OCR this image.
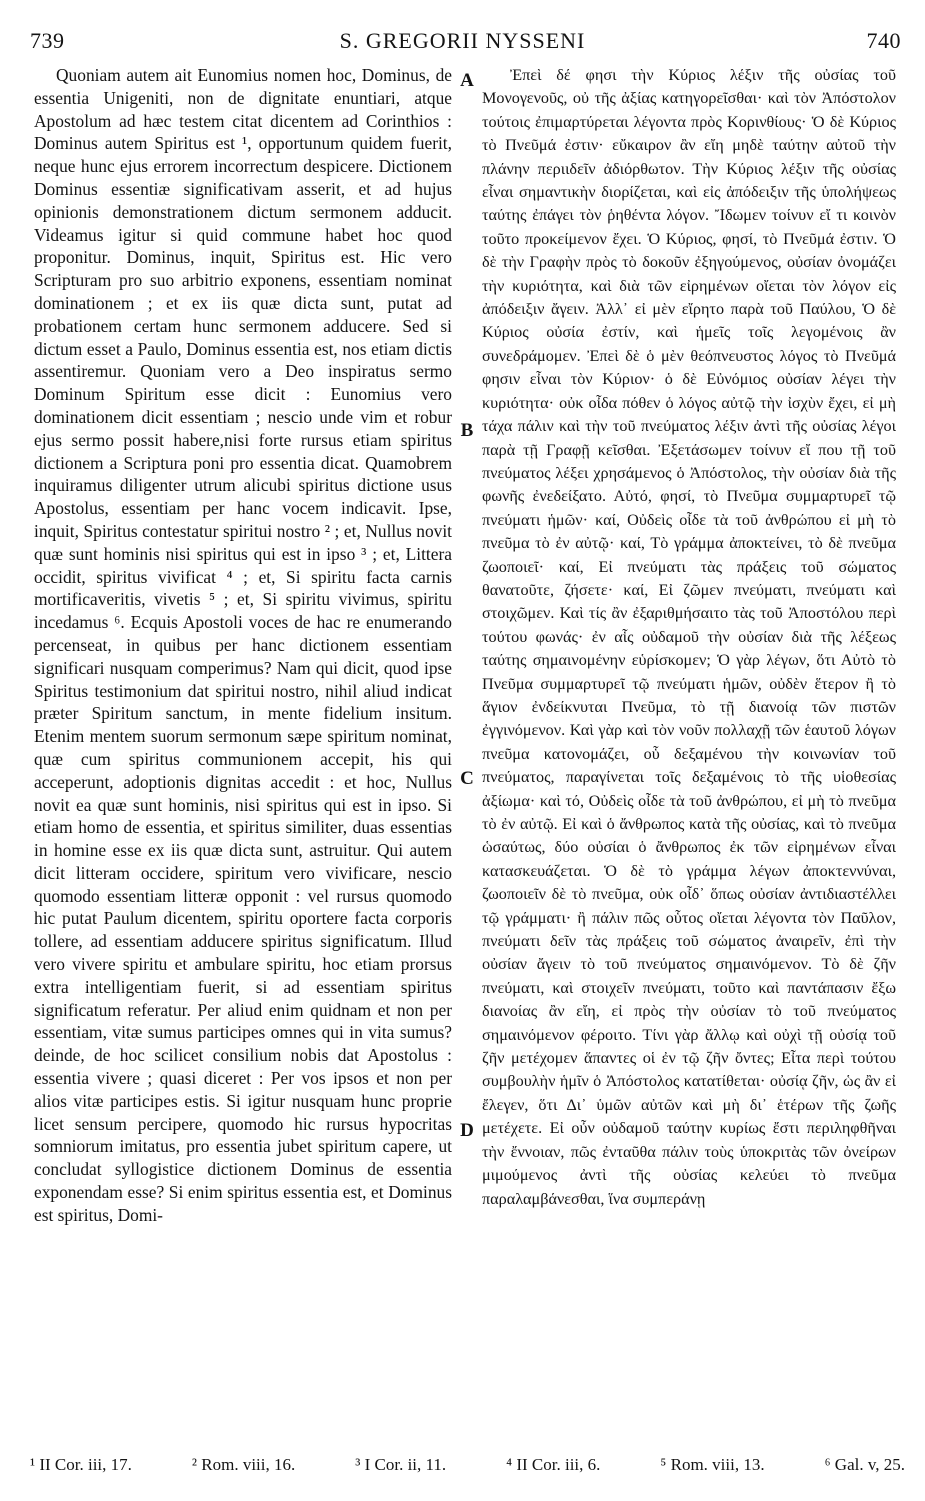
739	S. GREGORII NYSSENI	740

Quoniam autem ait Eunomius nomen hoc, Dominus, de essentia Unigeniti, non de dignitate enuntiari, atque Apostolum ad hæc testem citat dicentem ad Corinthios : Dominus autem Spiritus est ¹, opportunum quidem fuerit, neque hunc ejus errorem incorrectum despicere. Dictionem Dominus essentiæ significativam asserit, et ad hujus opinionis demonstrationem dictum sermonem adducit. Videamus igitur si quid commune habet hoc quod proponitur. Dominus, inquit, Spiritus est. Hic vero Scripturam pro suo arbitrio exponens, essentiam nominat dominationem ; et ex iis quæ dicta sunt, putat ad probationem certam hunc sermonem adducere. Sed si dictum esset a Paulo, Dominus essentia est, nos etiam dictis assentiremur. Quoniam vero a Deo inspiratus sermo Dominum Spiritum esse dicit : Eunomius vero dominationem dicit essentiam ; nescio unde vim et robur ejus sermo possit habere,nisi forte rursus etiam spiritus dictionem a Scriptura poni pro essentia dicat. Quamobrem inquiramus diligenter utrum alicubi spiritus dictione usus Apostolus, essentiam per hanc vocem indicavit. Ipse, inquit, Spiritus contestatur spiritui nostro ² ; et, Nullus novit quæ sunt hominis nisi spiritus qui est in ipso ³ ; et, Littera occidit, spiritus vivificat ⁴ ; et, Si spiritu facta carnis mortificaveritis, vivetis ⁵ ; et, Si spiritu vivimus, spiritu incedamus ⁶. Ecquis Apostoli voces de hac re enumerando percenseat, in quibus per hanc dictionem essentiam significari nusquam comperimus? Nam qui dicit, quod ipse Spiritus testimonium dat spiritui nostro, nihil aliud indicat præter Spiritum sanctum, in mente fidelium insitum. Etenim mentem suorum sermonum sæpe spiritum nominat, quæ cum spiritus communionem accepit, his qui acceperunt, adoptionis dignitas accedit : et hoc, Nullus novit ea quæ sunt hominis, nisi spiritus qui est in ipso. Si etiam homo de essentia, et spiritus similiter, duas essentias in homine esse ex iis quæ dicta sunt, astruitur. Qui autem dicit litteram occidere, spiritum vero vivificare, nescio quomodo essentiam litteræ opponit : vel rursus quomodo hic putat Paulum dicentem, spiritu oportere facta corporis tollere, ad essentiam adducere spiritus significatum. Illud vero vivere spiritu et ambulare spiritu, hoc etiam prorsus extra intelligentiam fuerit, si ad essentiam spiritus significatum referatur. Per aliud enim quidnam et non per essentiam, vitæ sumus participes omnes qui in vita sumus? deinde, de hoc scilicet consilium nobis dat Apostolus : essentia vivere ; quasi diceret : Per vos ipsos et non per alios vitæ participes estis. Si igitur nusquam hunc proprie licet sensum percipere, quomodo hic rursus hypocritas somniorum imitatus, pro essentia jubet spiritum capere, ut concludat syllogistice dictionem Dominus de essentia exponendam esse? Si enim spiritus essentia est, et Dominus est spiritus, Domi-

Ἐπεὶ δέ φησι τὴν Κύριος λέξιν τῆς οὐσίας τοῦ Μονογενοῦς, οὐ τῆς ἀξίας κατηγορεῖσθαι· καὶ τὸν Ἀπόστολον τούτοις ἐπιμαρτύρεται λέγοντα πρὸς Κορινθίους· Ὁ δὲ Κύριος τὸ Πνεῦμά ἐστιν· εὔκαιρον ἂν εἴη μηδὲ ταύτην αὐτοῦ τὴν πλάνην περιιδεῖν ἀδιόρθωτον. Τὴν Κύριος λέξιν τῆς οὐσίας εἶναι σημαντικὴν διορίζεται, καὶ εἰς ἀπόδειξιν τῆς ὑπολήψεως ταύτης ἐπάγει τὸν ῥηθέντα λόγον. Ἴδωμεν τοίνυν εἴ τι κοινὸν τοῦτο προκείμενον ἔχει. Ὁ Κύριος, φησί, τὸ Πνεῦμά ἐστιν. Ὁ δὲ τὴν Γραφὴν πρὸς τὸ δοκοῦν ἐξηγούμενος, οὐσίαν ὀνομάζει τὴν κυριότητα, καὶ διὰ τῶν εἰρημένων οἴεται τὸν λόγον εἰς ἀπόδειξιν ἄγειν. Ἀλλ᾽ εἰ μὲν εἴρητο παρὰ τοῦ Παύλου, Ὁ δὲ Κύριος οὐσία ἐστίν, καὶ ἡμεῖς τοῖς λεγομένοις ἂν συνεδράμομεν. Ἐπεὶ δὲ ὁ μὲν θεόπνευστος λόγος τὸ Πνεῦμά φησιν εἶναι τὸν Κύριον· ὁ δὲ Εὐνόμιος οὐσίαν λέγει τὴν κυριότητα· οὐκ οἶδα πόθεν ὁ λόγος αὐτῷ τὴν ἰσχὺν ἔχει, εἰ μὴ τάχα πάλιν καὶ τὴν τοῦ πνεύματος λέξιν ἀντὶ τῆς οὐσίας λέγοι παρὰ τῇ Γραφῇ κεῖσθαι. Ἐξετάσωμεν τοίνυν εἴ που τῇ τοῦ πνεύματος λέξει χρησάμενος ὁ Ἀπόστολος, τὴν οὐσίαν διὰ τῆς φωνῆς ἐνεδείξατο. Αὐτό, φησί, τὸ Πνεῦμα συμμαρτυρεῖ τῷ πνεύματι ἡμῶν· καί, Οὐδεὶς οἶδε τὰ τοῦ ἀνθρώπου εἰ μὴ τὸ πνεῦμα τὸ ἐν αὐτῷ· καί, Τὸ γράμμα ἀποκτείνει, τὸ δὲ πνεῦμα ζωοποιεῖ· καί, Εἰ πνεύματι τὰς πράξεις τοῦ σώματος θανατοῦτε, ζήσετε· καί, Εἰ ζῶμεν πνεύματι, πνεύματι καὶ στοιχῶμεν. Καὶ τίς ἂν ἐξαριθμήσαιτο τὰς τοῦ Ἀποστόλου περὶ τούτου φωνάς· ἐν αἷς οὐδαμοῦ τὴν οὐσίαν διὰ τῆς λέξεως ταύτης σημαινομένην εὑρίσκομεν; Ὁ γὰρ λέγων, ὅτι Αὐτὸ τὸ Πνεῦμα συμμαρτυρεῖ τῷ πνεύματι ἡμῶν, οὐδὲν ἕτερον ἢ τὸ ἅγιον ἐνδείκνυται Πνεῦμα, τὸ τῇ διανοίᾳ τῶν πιστῶν ἐγγινόμενον. Καὶ γὰρ καὶ τὸν νοῦν πολλαχῇ τῶν ἑαυτοῦ λόγων πνεῦμα κατονομάζει, οὗ δεξαμένου τὴν κοινωνίαν τοῦ πνεύματος, παραγίνεται τοῖς δεξαμένοις τὸ τῆς υἱοθεσίας ἀξίωμα· καὶ τό, Οὐδεὶς οἶδε τὰ τοῦ ἀνθρώπου, εἰ μὴ τὸ πνεῦμα τὸ ἐν αὐτῷ. Εἰ καὶ ὁ ἄνθρωπος κατὰ τῆς οὐσίας, καὶ τὸ πνεῦμα ὡσαύτως, δύο οὐσίαι ὁ ἄνθρωπος ἐκ τῶν εἰρημένων εἶναι κατασκευάζεται. Ὁ δὲ τὸ γράμμα λέγων ἀποκτεννύναι, ζωοποιεῖν δὲ τὸ πνεῦμα, οὐκ οἶδ᾽ ὅπως οὐσίαν ἀντιδιαστέλλει τῷ γράμματι· ἢ πάλιν πῶς οὗτος οἴεται λέγοντα τὸν Παῦλον, πνεύματι δεῖν τὰς πράξεις τοῦ σώματος ἀναιρεῖν, ἐπὶ τὴν οὐσίαν ἄγειν τὸ τοῦ πνεύματος σημαινόμενον. Τὸ δὲ ζῆν πνεύματι, καὶ στοιχεῖν πνεύματι, τοῦτο καὶ παντάπασιν ἔξω διανοίας ἂν εἴη, εἰ πρὸς τὴν οὐσίαν τὸ τοῦ πνεύματος σημαινόμενον φέροιτο. Τίνι γὰρ ἄλλῳ καὶ οὐχὶ τῇ οὐσίᾳ τοῦ ζῆν μετέχομεν ἅπαντες οἱ ἐν τῷ ζῆν ὄντες; Εἶτα περὶ τούτου συμβουλὴν ἡμῖν ὁ Ἀπόστολος κατατίθεται· οὐσίᾳ ζῆν, ὡς ἂν εἰ ἔλεγεν, ὅτι Δι᾽ ὑμῶν αὐτῶν καὶ μὴ δι᾽ ἑτέρων τῆς ζωῆς μετέχετε. Εἰ οὖν οὐδαμοῦ ταύτην κυρίως ἔστι περιληφθῆναι τὴν ἔννοιαν, πῶς ἐνταῦθα πάλιν τοὺς ὑποκριτὰς τῶν ὀνείρων μιμούμενος ἀντὶ τῆς οὐσίας κελεύει τὸ πνεῦμα παραλαμβάνεσθαι, ἵνα συμπεράνῃ

A
B
C
D
¹ II Cor. iii, 17.	² Rom. viii, 16.	³ I Cor. ii, 11.	⁴ II Cor. iii, 6.	⁵ Rom. viii, 13.	⁶ Gal. v, 25.
